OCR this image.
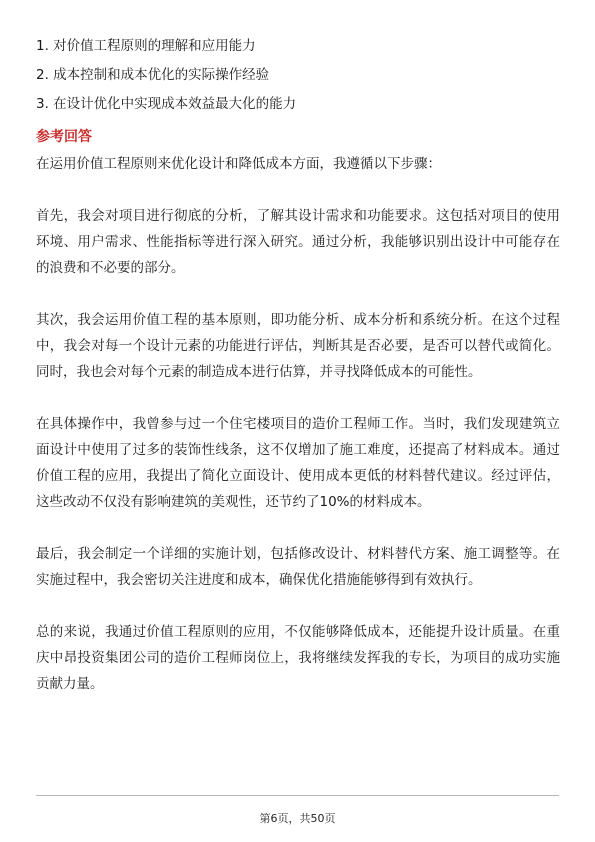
1. 对价值工程原则的理解和应用能力
2. 成本控制和成本优化的实际操作经验
3. 在设计优化中实现成本效益最大化的能力
参考回答

在运用价值工程原则来优化设计和降低成本方面，我遵循以下步骤：

首先，我会对项目进行彻底的分析，了解其设计需求和功能要求。这包括对项目的使用环境、用户需求、性能指标等进行深入研究。通过分析，我能够识别出设计中可能存在的浪费和不必要的部分。

其次，我会运用价值工程的基本原则，即功能分析、成本分析和系统分析。在这个过程中，我会对每一个设计元素的功能进行评估，判断其是否必要，是否可以替代或简化。同时，我也会对每个元素的制造成本进行估算，并寻找降低成本的可能性。

在具体操作中，我曾参与过一个住宅楼项目的造价工程师工作。当时，我们发现建筑立面设计中使用了过多的装饰性线条，这不仅增加了施工难度，还提高了材料成本。通过价值工程的应用，我提出了简化立面设计、使用成本更低的材料替代建议。经过评估，这些改动不仅没有影响建筑的美观性，还节约了10%的材料成本。

最后，我会制定一个详细的实施计划，包括修改设计、材料替代方案、施工调整等。在实施过程中，我会密切关注进度和成本，确保优化措施能够得到有效执行。

总的来说，我通过价值工程原则的应用，不仅能够降低成本，还能提升设计质量。在重庆中昂投资集团公司的造价工程师岗位上，我将继续发挥我的专长，为项目的成功实施贡献力量。

第6页，共50页
